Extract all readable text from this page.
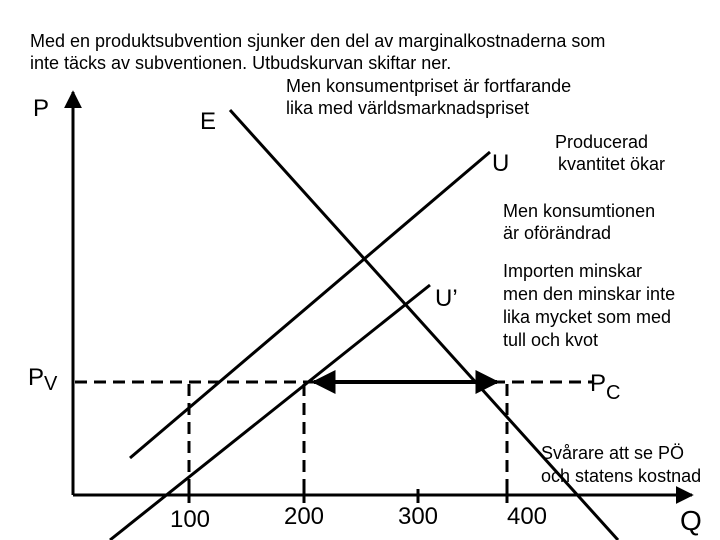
Med en produktsubvention sjunker den del av marginalkostnaderna som
inte täcks av subventionen. Utbudskurvan skiftar ner.
Men konsumentpriset är fortfarande
lika med världsmarknadspriset
P	E
U
Producerad
kvantitet ökar
Men konsumtionen
är oförändrad
Importen minskar
men den minskar inte
lika mycket som med
tull och kvot
U’
$P_V$	$P_C$
Svårare att se PÖ
och statens kostnad
100	200	300	400	Q
